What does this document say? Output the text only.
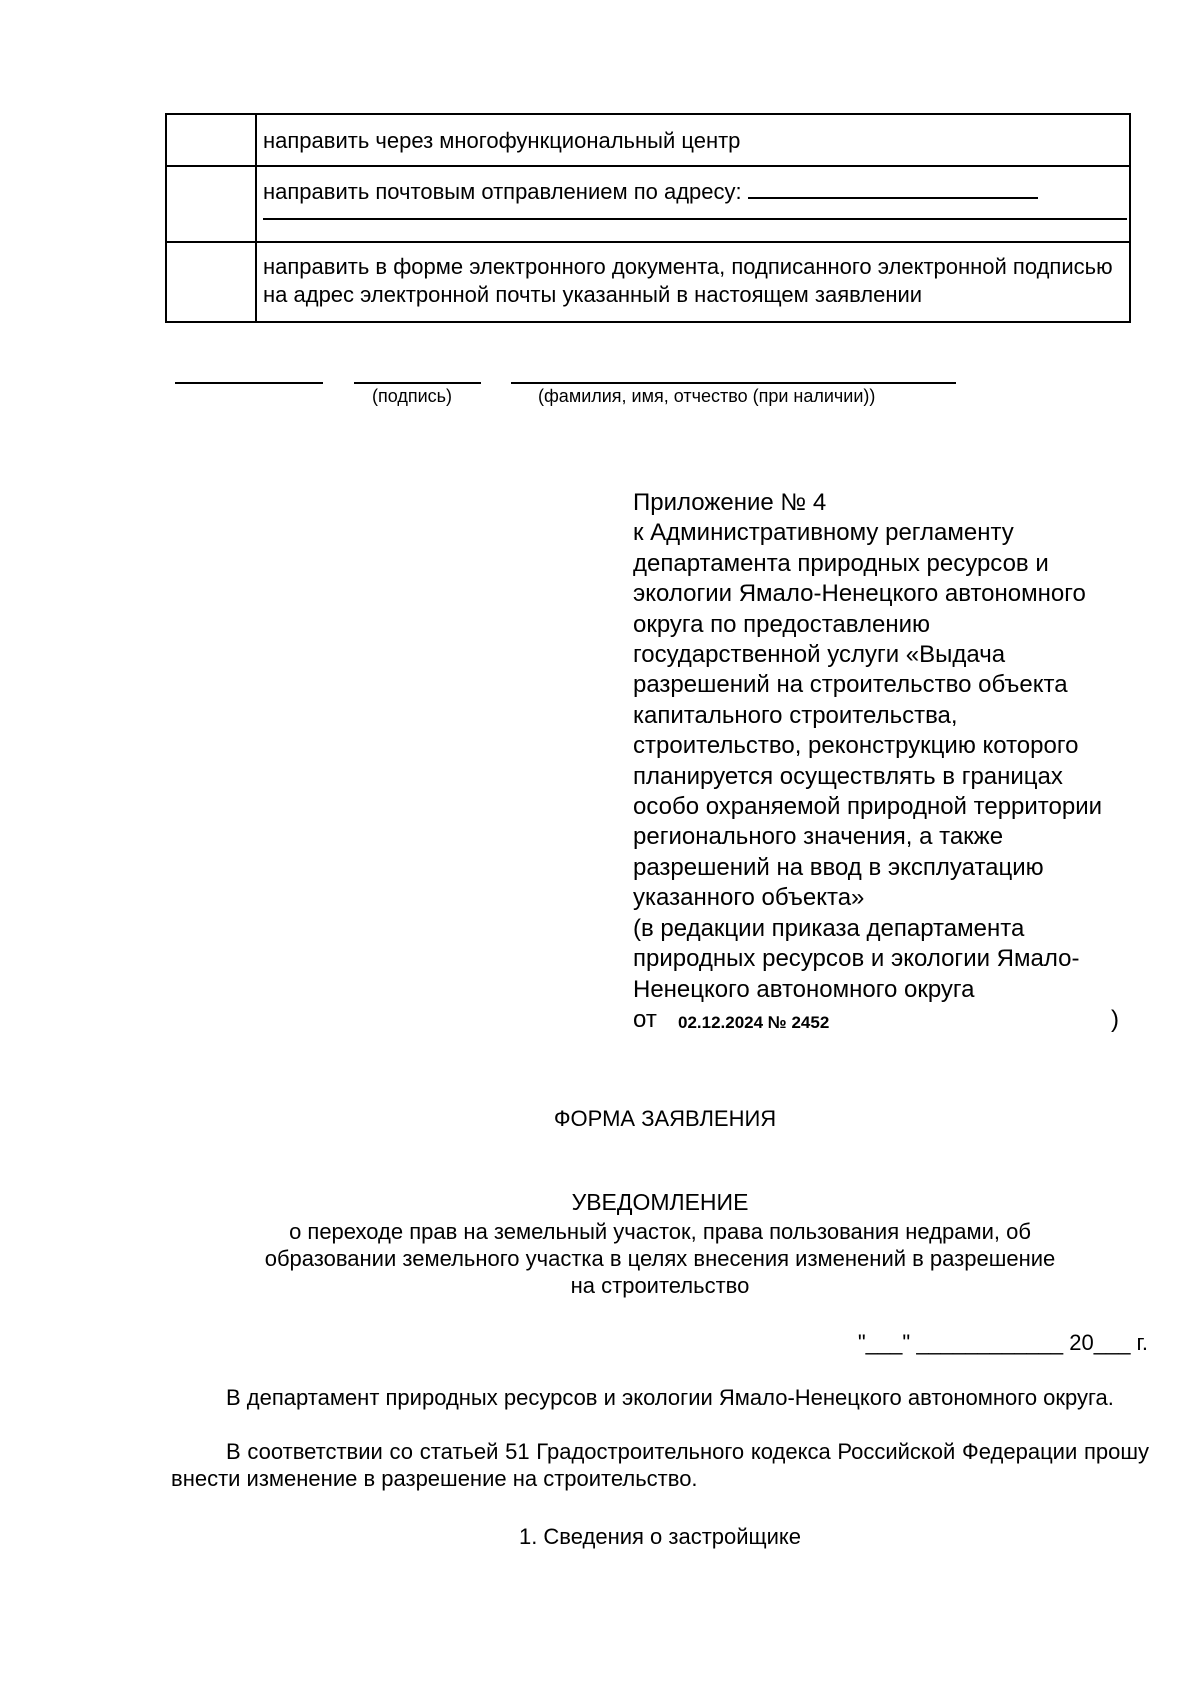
	направить через многофункциональный центр
	направить почтовым отправлением по адресу:

	направить в форме электронного документа, подписанного электронной подписью на адрес электронной почты указанный в настоящем заявлении
(подпись)	(фамилия, имя, отчество (при наличии))
Приложение № 4
к Административному регламенту
департамента природных ресурсов и
экологии Ямало-Ненецкого автономного
округа по предоставлению
государственной услуги «Выдача
разрешений на строительство объекта
капитального строительства,
строительство, реконструкцию которого
планируется осуществлять в границах
особо охраняемой природной территории
регионального значения, а также
разрешений на ввод в эксплуатацию
указанного объекта»
(в редакции приказа департамента
природных ресурсов и экологии Ямало-
Ненецкого автономного округа
от 02.12.2024 № 2452	)
ФОРМА ЗАЯВЛЕНИЯ
УВЕДОМЛЕНИЕ
о переходе прав на земельный участок, права пользования недрами, об образовании земельного участка в целях внесения изменений в разрешение на строительство
"___" ____________ 20___ г.
В департамент природных ресурсов и экологии Ямало-Ненецкого автономного округа.
В соответствии со статьей 51 Градостроительного кодекса Российской Федерации прошу внести изменение в разрешение на строительство.
1. Сведения о застройщике
